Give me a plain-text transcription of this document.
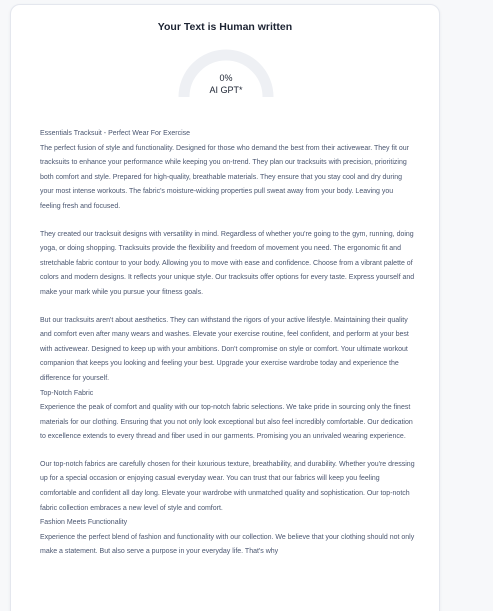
Your Text is Human written
0%
AI GPT*

Essentials Tracksuit - Perfect Wear For Exercise

The perfect fusion of style and functionality. Designed for those who demand the best from their activewear. They fit our tracksuits to enhance your performance while keeping you on-trend. They plan our tracksuits with precision, prioritizing both comfort and style. Prepared for high-quality, breathable materials. They ensure that you stay cool and dry during your most intense workouts. The fabric's moisture-wicking properties pull sweat away from your body. Leaving you feeling fresh and focused.

They created our tracksuit designs with versatility in mind. Regardless of whether you're going to the gym, running, doing yoga, or doing shopping. Tracksuits provide the flexibility and freedom of movement you need. The ergonomic fit and stretchable fabric contour to your body. Allowing you to move with ease and confidence. Choose from a vibrant palette of colors and modern designs. It reflects your unique style. Our tracksuits offer options for every taste. Express yourself and make your mark while you pursue your fitness goals.

But our tracksuits aren't about aesthetics. They can withstand the rigors of your active lifestyle. Maintaining their quality and comfort even after many wears and washes. Elevate your exercise routine, feel confident, and perform at your best with activewear. Designed to keep up with your ambitions. Don't compromise on style or comfort. Your ultimate workout companion that keeps you looking and feeling your best. Upgrade your exercise wardrobe today and experience the difference for yourself.

Top-Notch Fabric

Experience the peak of comfort and quality with our top-notch fabric selections. We take pride in sourcing only the finest materials for our clothing. Ensuring that you not only look exceptional but also feel incredibly comfortable. Our dedication to excellence extends to every thread and fiber used in our garments. Promising you an unrivaled wearing experience.

Our top-notch fabrics are carefully chosen for their luxurious texture, breathability, and durability. Whether you're dressing up for a special occasion or enjoying casual everyday wear. You can trust that our fabrics will keep you feeling comfortable and confident all day long. Elevate your wardrobe with unmatched quality and sophistication. Our top-notch fabric collection embraces a new level of style and comfort.

Fashion Meets Functionality

Experience the perfect blend of fashion and functionality with our collection. We believe that your clothing should not only make a statement. But also serve a purpose in your everyday life. That's why
